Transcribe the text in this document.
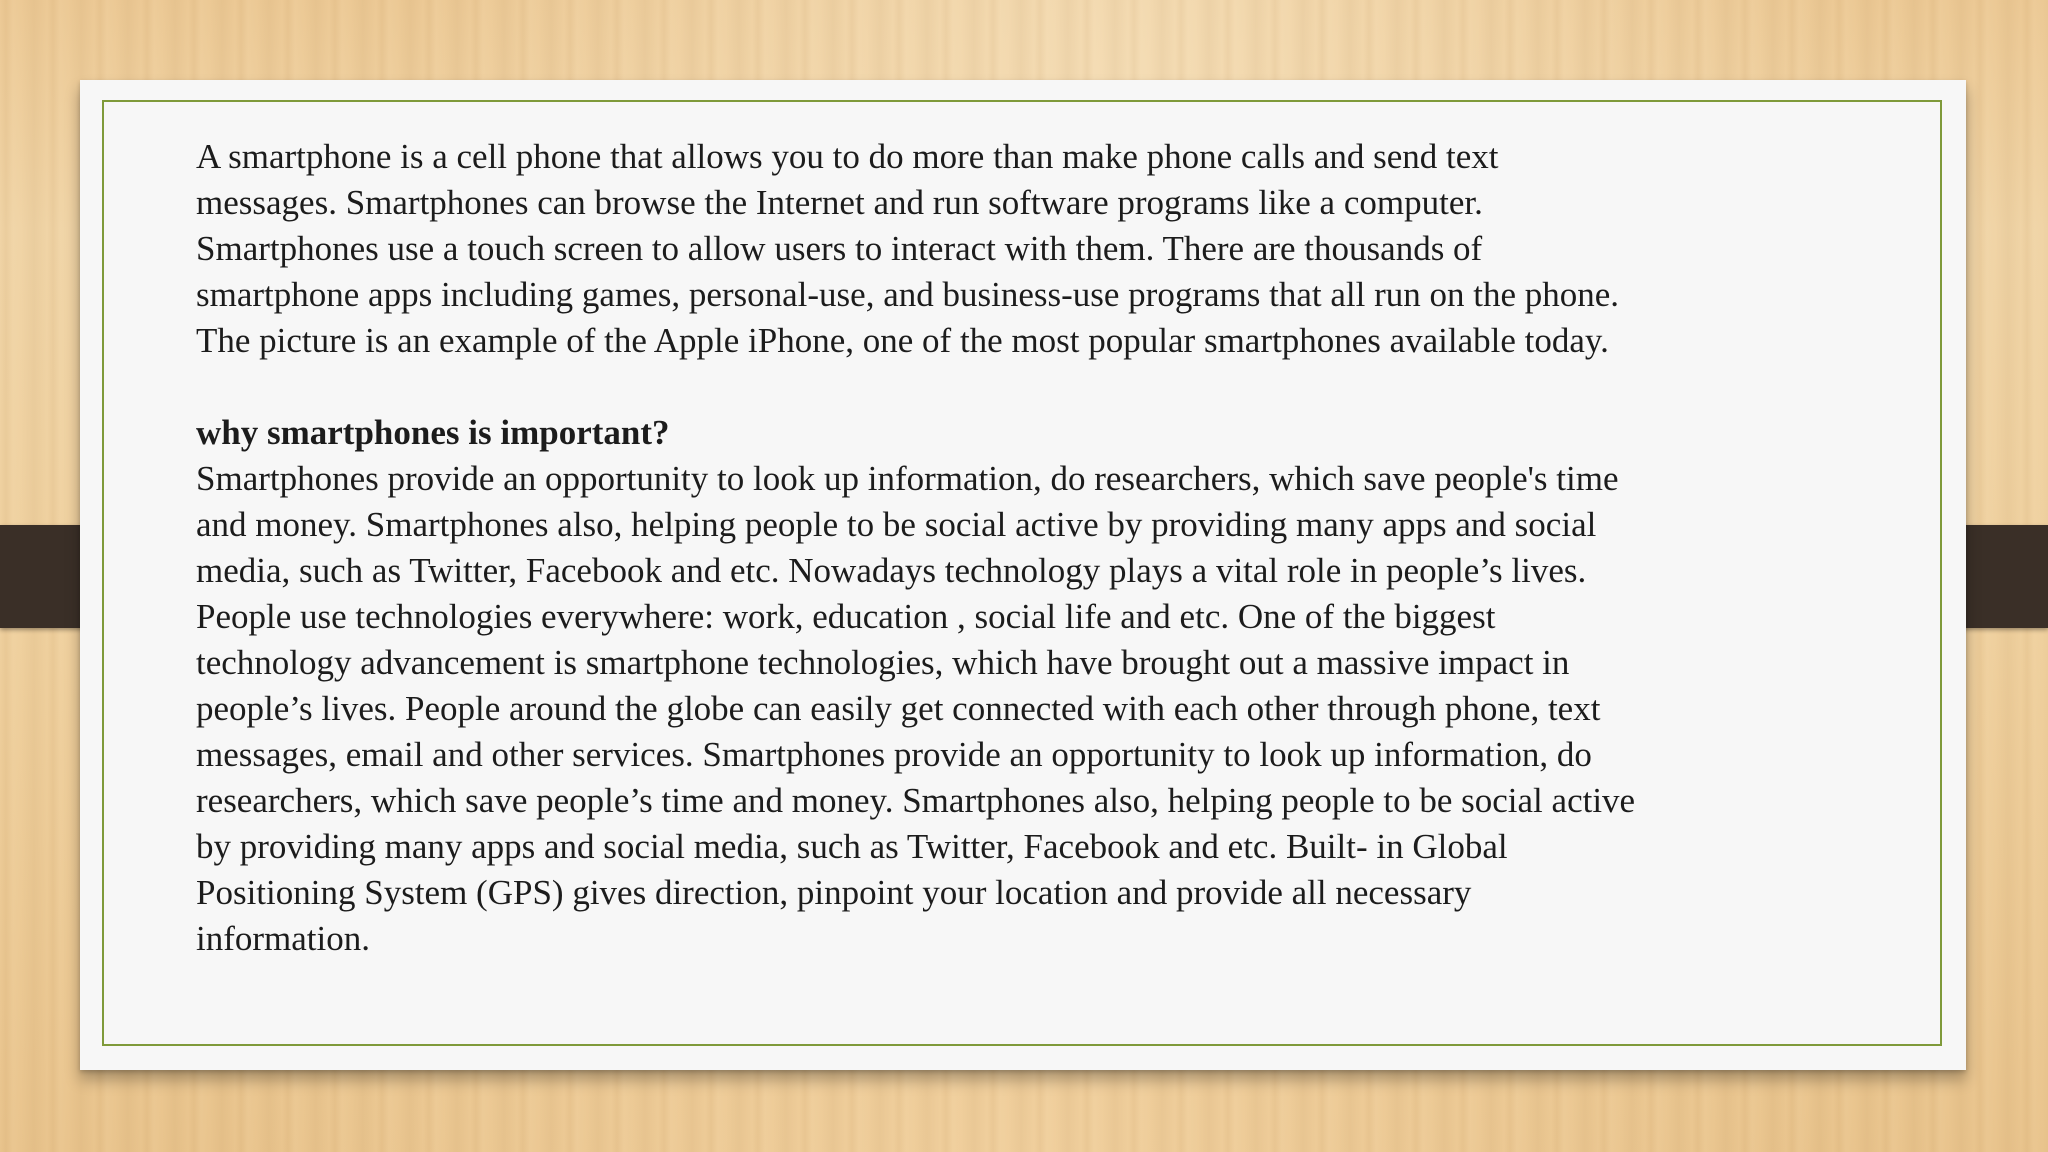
A smartphone is a cell phone that allows you to do more than make phone calls and send text
messages. Smartphones can browse the Internet and run software programs like a computer.
Smartphones use a touch screen to allow users to interact with them. There are thousands of
smartphone apps including games, personal-use, and business-use programs that all run on the phone.
The picture is an example of the Apple iPhone, one of the most popular smartphones available today.

why smartphones is important?

Smartphones provide an opportunity to look up information, do researchers, which save people's time
and money. Smartphones also, helping people to be social active by providing many apps and social
media, such as Twitter, Facebook and etc. Nowadays technology plays a vital role in people’s lives.
People use technologies everywhere: work, education , social life and etc. One of the biggest
technology advancement is smartphone technologies, which have brought out a massive impact in
people’s lives. People around the globe can easily get connected with each other through phone, text
messages, email and other services. Smartphones provide an opportunity to look up information, do
researchers, which save people’s time and money. Smartphones also, helping people to be social active
by providing many apps and social media, such as Twitter, Facebook and etc. Built- in Global
Positioning System (GPS) gives direction, pinpoint your location and provide all necessary
information.
